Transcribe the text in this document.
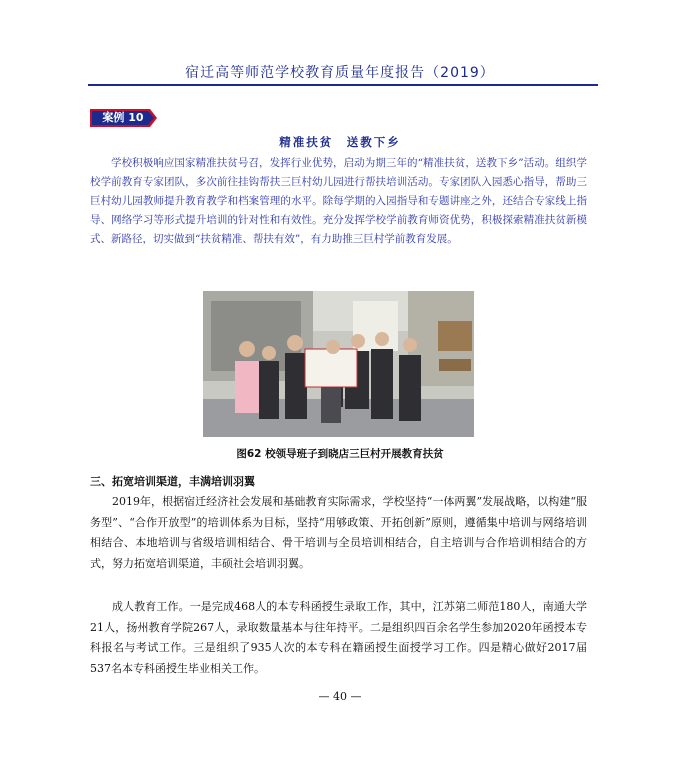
宿迁高等师范学校教育质量年度报告（2019）
案例 10
精准扶贫　送教下乡

学校积极响应国家精准扶贫号召，发挥行业优势，启动为期三年的“精准扶贫，送教下乡”活动。组织学校学前教育专家团队，多次前往挂钩帮扶三巨村幼儿园进行帮扶培训活动。专家团队入园悉心指导，帮助三巨村幼儿园教师提升教育教学和档案管理的水平。除每学期的入园指导和专题讲座之外，还结合专家线上指导、网络学习等形式提升培训的针对性和有效性。充分发挥学校学前教育师资优势，积极探索精准扶贫新模式、新路径，切实做到“扶贫精准、帮扶有效”，有力助推三巨村学前教育发展。

图62 校领导班子到晓店三巨村开展教育扶贫
三、拓宽培训渠道，丰满培训羽翼

2019年，根据宿迁经济社会发展和基础教育实际需求，学校坚持“一体两翼”发展战略，以构建“服务型”、“合作开放型”的培训体系为目标，坚持“用够政策、开拓创新”原则，遵循集中培训与网络培训相结合、本地培训与省级培训相结合、骨干培训与全员培训相结合，自主培训与合作培训相结合的方式，努力拓宽培训渠道，丰硕社会培训羽翼。

成人教育工作。一是完成468人的本专科函授生录取工作，其中，江苏第二师范180人，南通大学21人，扬州教育学院267人，录取数量基本与往年持平。二是组织四百余名学生参加2020年函授本专科报名与考试工作。三是组织了935人次的本专科在籍函授生面授学习工作。四是精心做好2017届537名本专科函授生毕业相关工作。

— 40 —
